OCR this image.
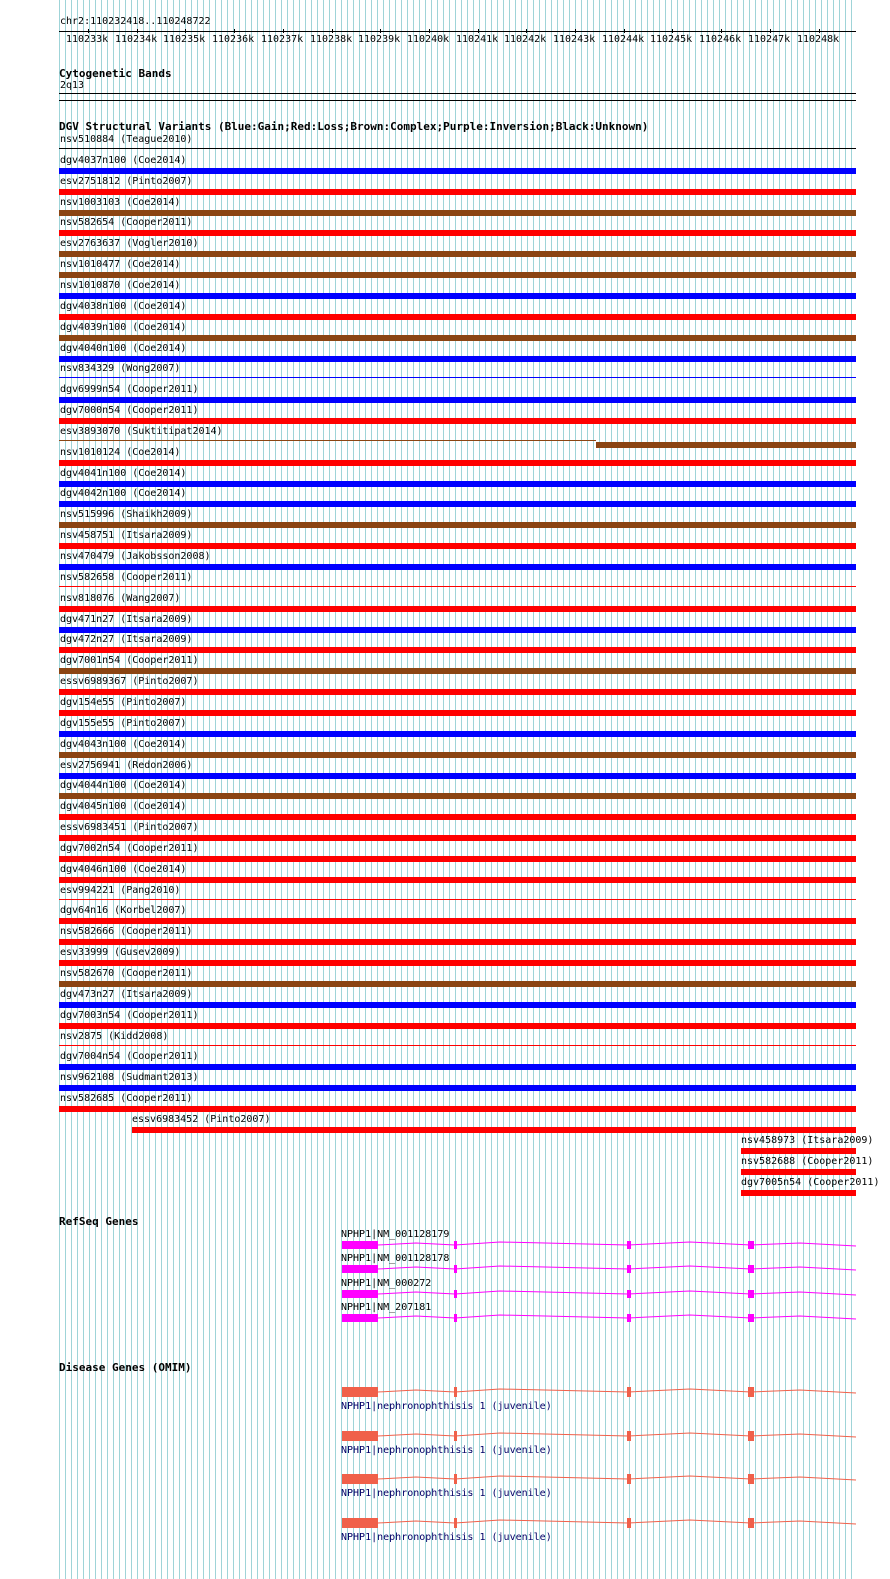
chr2:110232418..110248722
110233k 110234k 110235k 110236k 110237k 110238k 110239k 110240k 110241k 110242k 110243k 110244k 110245k 110246k 110247k 110248k
Cytogenetic Bands
2q13
DGV Structural Variants (Blue:Gain;Red:Loss;Brown:Complex;Purple:Inversion;Black:Unknown)
nsv510884 (Teague2010)
dgv4037n100 (Coe2014)
esv2751812 (Pinto2007)
nsv1003103 (Coe2014)
nsv582654 (Cooper2011)
esv2763637 (Vogler2010)
nsv1010477 (Coe2014)
nsv1010870 (Coe2014)
dgv4038n100 (Coe2014)
dgv4039n100 (Coe2014)
dgv4040n100 (Coe2014)
nsv834329 (Wong2007)
dgv6999n54 (Cooper2011)
dgv7000n54 (Cooper2011)
esv3893070 (Suktitipat2014)
nsv1010124 (Coe2014)
dgv4041n100 (Coe2014)
dgv4042n100 (Coe2014)
nsv515996 (Shaikh2009)
nsv458751 (Itsara2009)
nsv470479 (Jakobsson2008)
nsv582658 (Cooper2011)
nsv818076 (Wang2007)
dgv471n27 (Itsara2009)
dgv472n27 (Itsara2009)
dgv7001n54 (Cooper2011)
essv6989367 (Pinto2007)
dgv154e55 (Pinto2007)
dgv155e55 (Pinto2007)
dgv4043n100 (Coe2014)
esv2756941 (Redon2006)
dgv4044n100 (Coe2014)
dgv4045n100 (Coe2014)
essv6983451 (Pinto2007)
dgv7002n54 (Cooper2011)
dgv4046n100 (Coe2014)
esv994221 (Pang2010)
dgv64n16 (Korbel2007)
nsv582666 (Cooper2011)
esv33999 (Gusev2009)
nsv582670 (Cooper2011)
dgv473n27 (Itsara2009)
dgv7003n54 (Cooper2011)
nsv2875 (Kidd2008)
dgv7004n54 (Cooper2011)
nsv962108 (Sudmant2013)
nsv582685 (Cooper2011)
essv6983452 (Pinto2007)
nsv458973 (Itsara2009)
nsv582688 (Cooper2011)
dgv7005n54 (Cooper2011)
RefSeq Genes
NPHP1|NM_001128179
NPHP1|NM_001128178
NPHP1|NM_000272
NPHP1|NM_207181
Disease Genes (OMIM)
NPHP1|nephronophthisis 1 (juvenile)
NPHP1|nephronophthisis 1 (juvenile)
NPHP1|nephronophthisis 1 (juvenile)
NPHP1|nephronophthisis 1 (juvenile)
